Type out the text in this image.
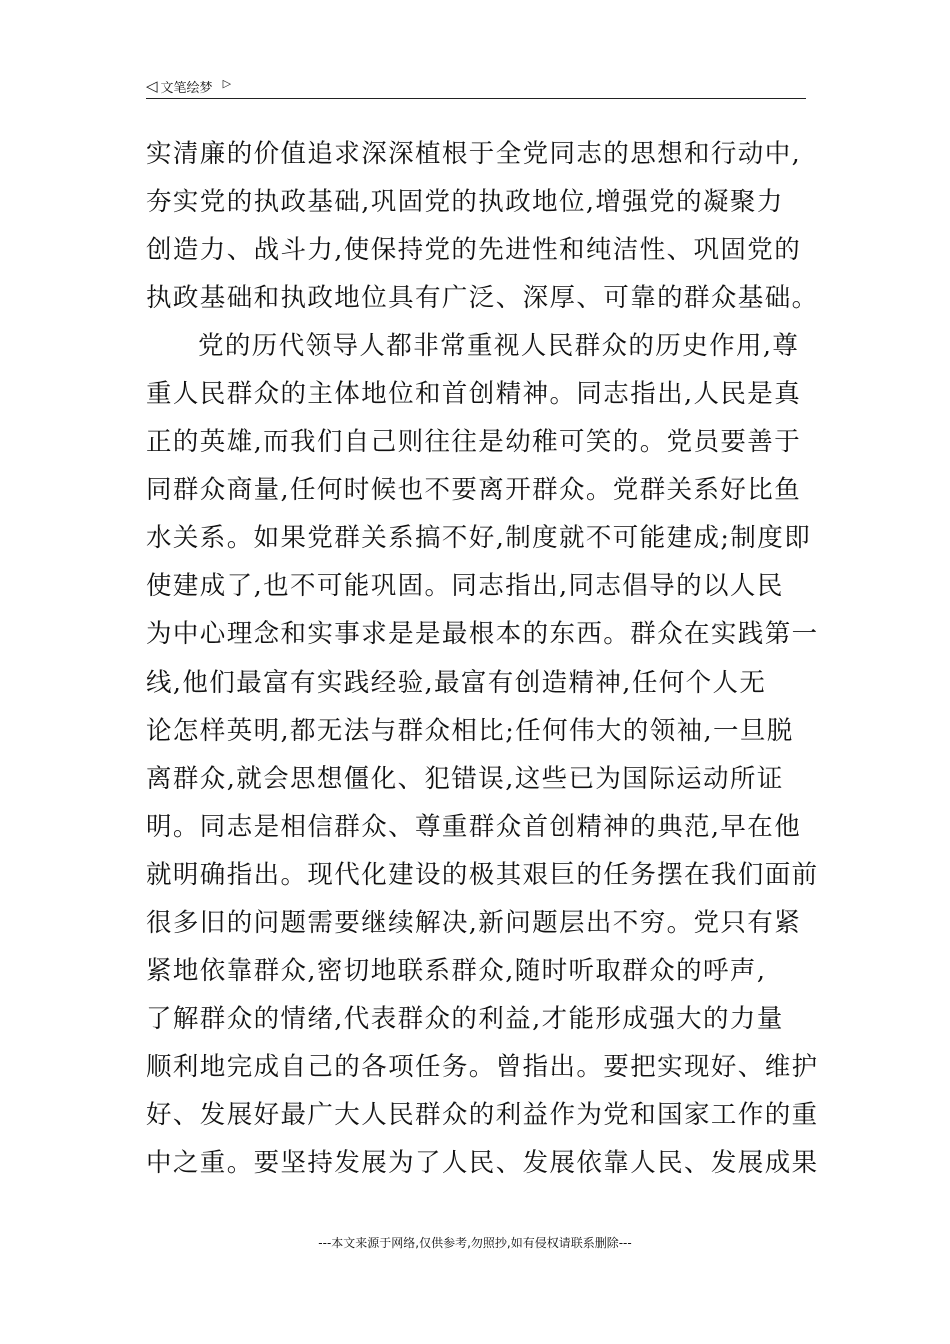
◁ 文笔绘梦 ▷
实清廉的价值追求深深植根于全党同志的思想和行动中,
夯实党的执政基础,巩固党的执政地位,增强党的凝聚力
创造力、战斗力,使保持党的先进性和纯洁性、巩固党的
执政基础和执政地位具有广泛、深厚、可靠的群众基础。
党的历代领导人都非常重视人民群众的历史作用,尊
重人民群众的主体地位和首创精神。同志指出,人民是真
正的英雄,而我们自己则往往是幼稚可笑的。党员要善于
同群众商量,任何时候也不要离开群众。党群关系好比鱼
水关系。如果党群关系搞不好,制度就不可能建成;制度即
使建成了,也不可能巩固。同志指出,同志倡导的以人民
为中心理念和实事求是是最根本的东西。群众在实践第一
线,他们最富有实践经验,最富有创造精神,任何个人无
论怎样英明,都无法与群众相比;任何伟大的领袖,一旦脱
离群众,就会思想僵化、犯错误,这些已为国际运动所证
明。同志是相信群众、尊重群众首创精神的典范,早在他
就明确指出。现代化建设的极其艰巨的任务摆在我们面前
很多旧的问题需要继续解决,新问题层出不穷。党只有紧
紧地依靠群众,密切地联系群众,随时听取群众的呼声,
了解群众的情绪,代表群众的利益,才能形成强大的力量
顺利地完成自己的各项任务。曾指出。要把实现好、维护
好、发展好最广大人民群众的利益作为党和国家工作的重
中之重。要坚持发展为了人民、发展依靠人民、发展成果
---本文来源于网络,仅供参考,勿照抄,如有侵权请联系删除---
